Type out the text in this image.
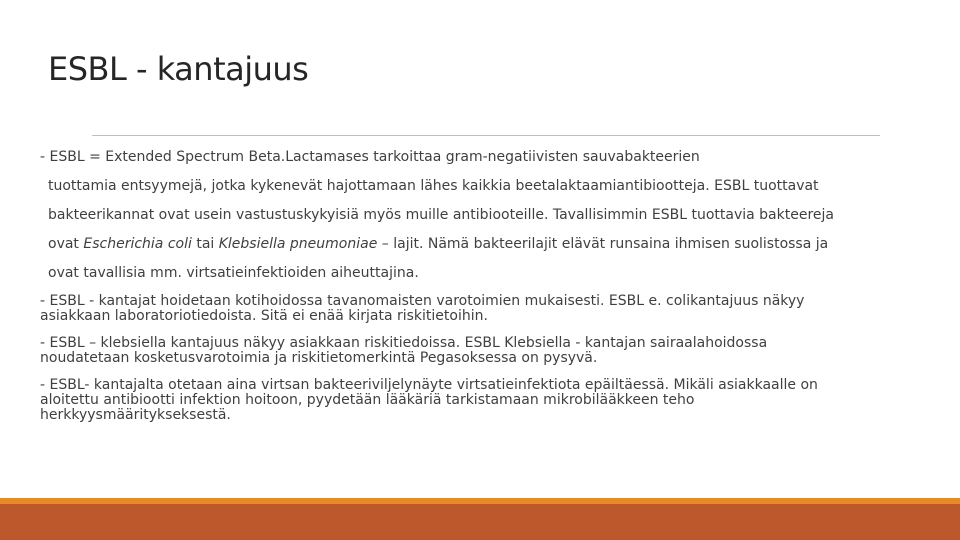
ESBL - kantajuus

- ESBL = Extended Spectrum Beta.Lactamases tarkoittaa gram-negatiivisten sauvabakteerien
tuottamia entsyymejä, jotka kykenevät hajottamaan lähes kaikkia beetalaktaamiantibiootteja. ESBL tuottavat bakteerikannat ovat usein vastustuskykyisiä myös muille antibiooteille. Tavallisimmin ESBL tuottavia bakteereja ovat Escherichia coli tai Klebsiella pneumoniae – lajit. Nämä bakteerilajit elävät runsaina ihmisen suolistossa ja ovat tavallisia mm. virtsatieinfektioiden aiheuttajina.

- ESBL - kantajat hoidetaan kotihoidossa tavanomaisten varotoimien mukaisesti. ESBL e. colikantajuus näkyy asiakkaan laboratoriotiedoista. Sitä ei enää kirjata riskitietoihin.

- ESBL – klebsiella kantajuus näkyy asiakkaan riskitiedoissa. ESBL Klebsiella - kantajan sairaalahoidossa noudatetaan kosketusvarotoimia ja riskitietomerkintä Pegasoksessa on pysyvä.

- ESBL- kantajalta otetaan aina virtsan bakteeriviljelynäyte virtsatieinfektiota epäiltäessä. Mikäli asiakkaalle on aloitettu antibiootti infektion hoitoon, pyydetään lääkäriä tarkistamaan mikrobilääkkeen teho herkkyysmääritykseksestä.
